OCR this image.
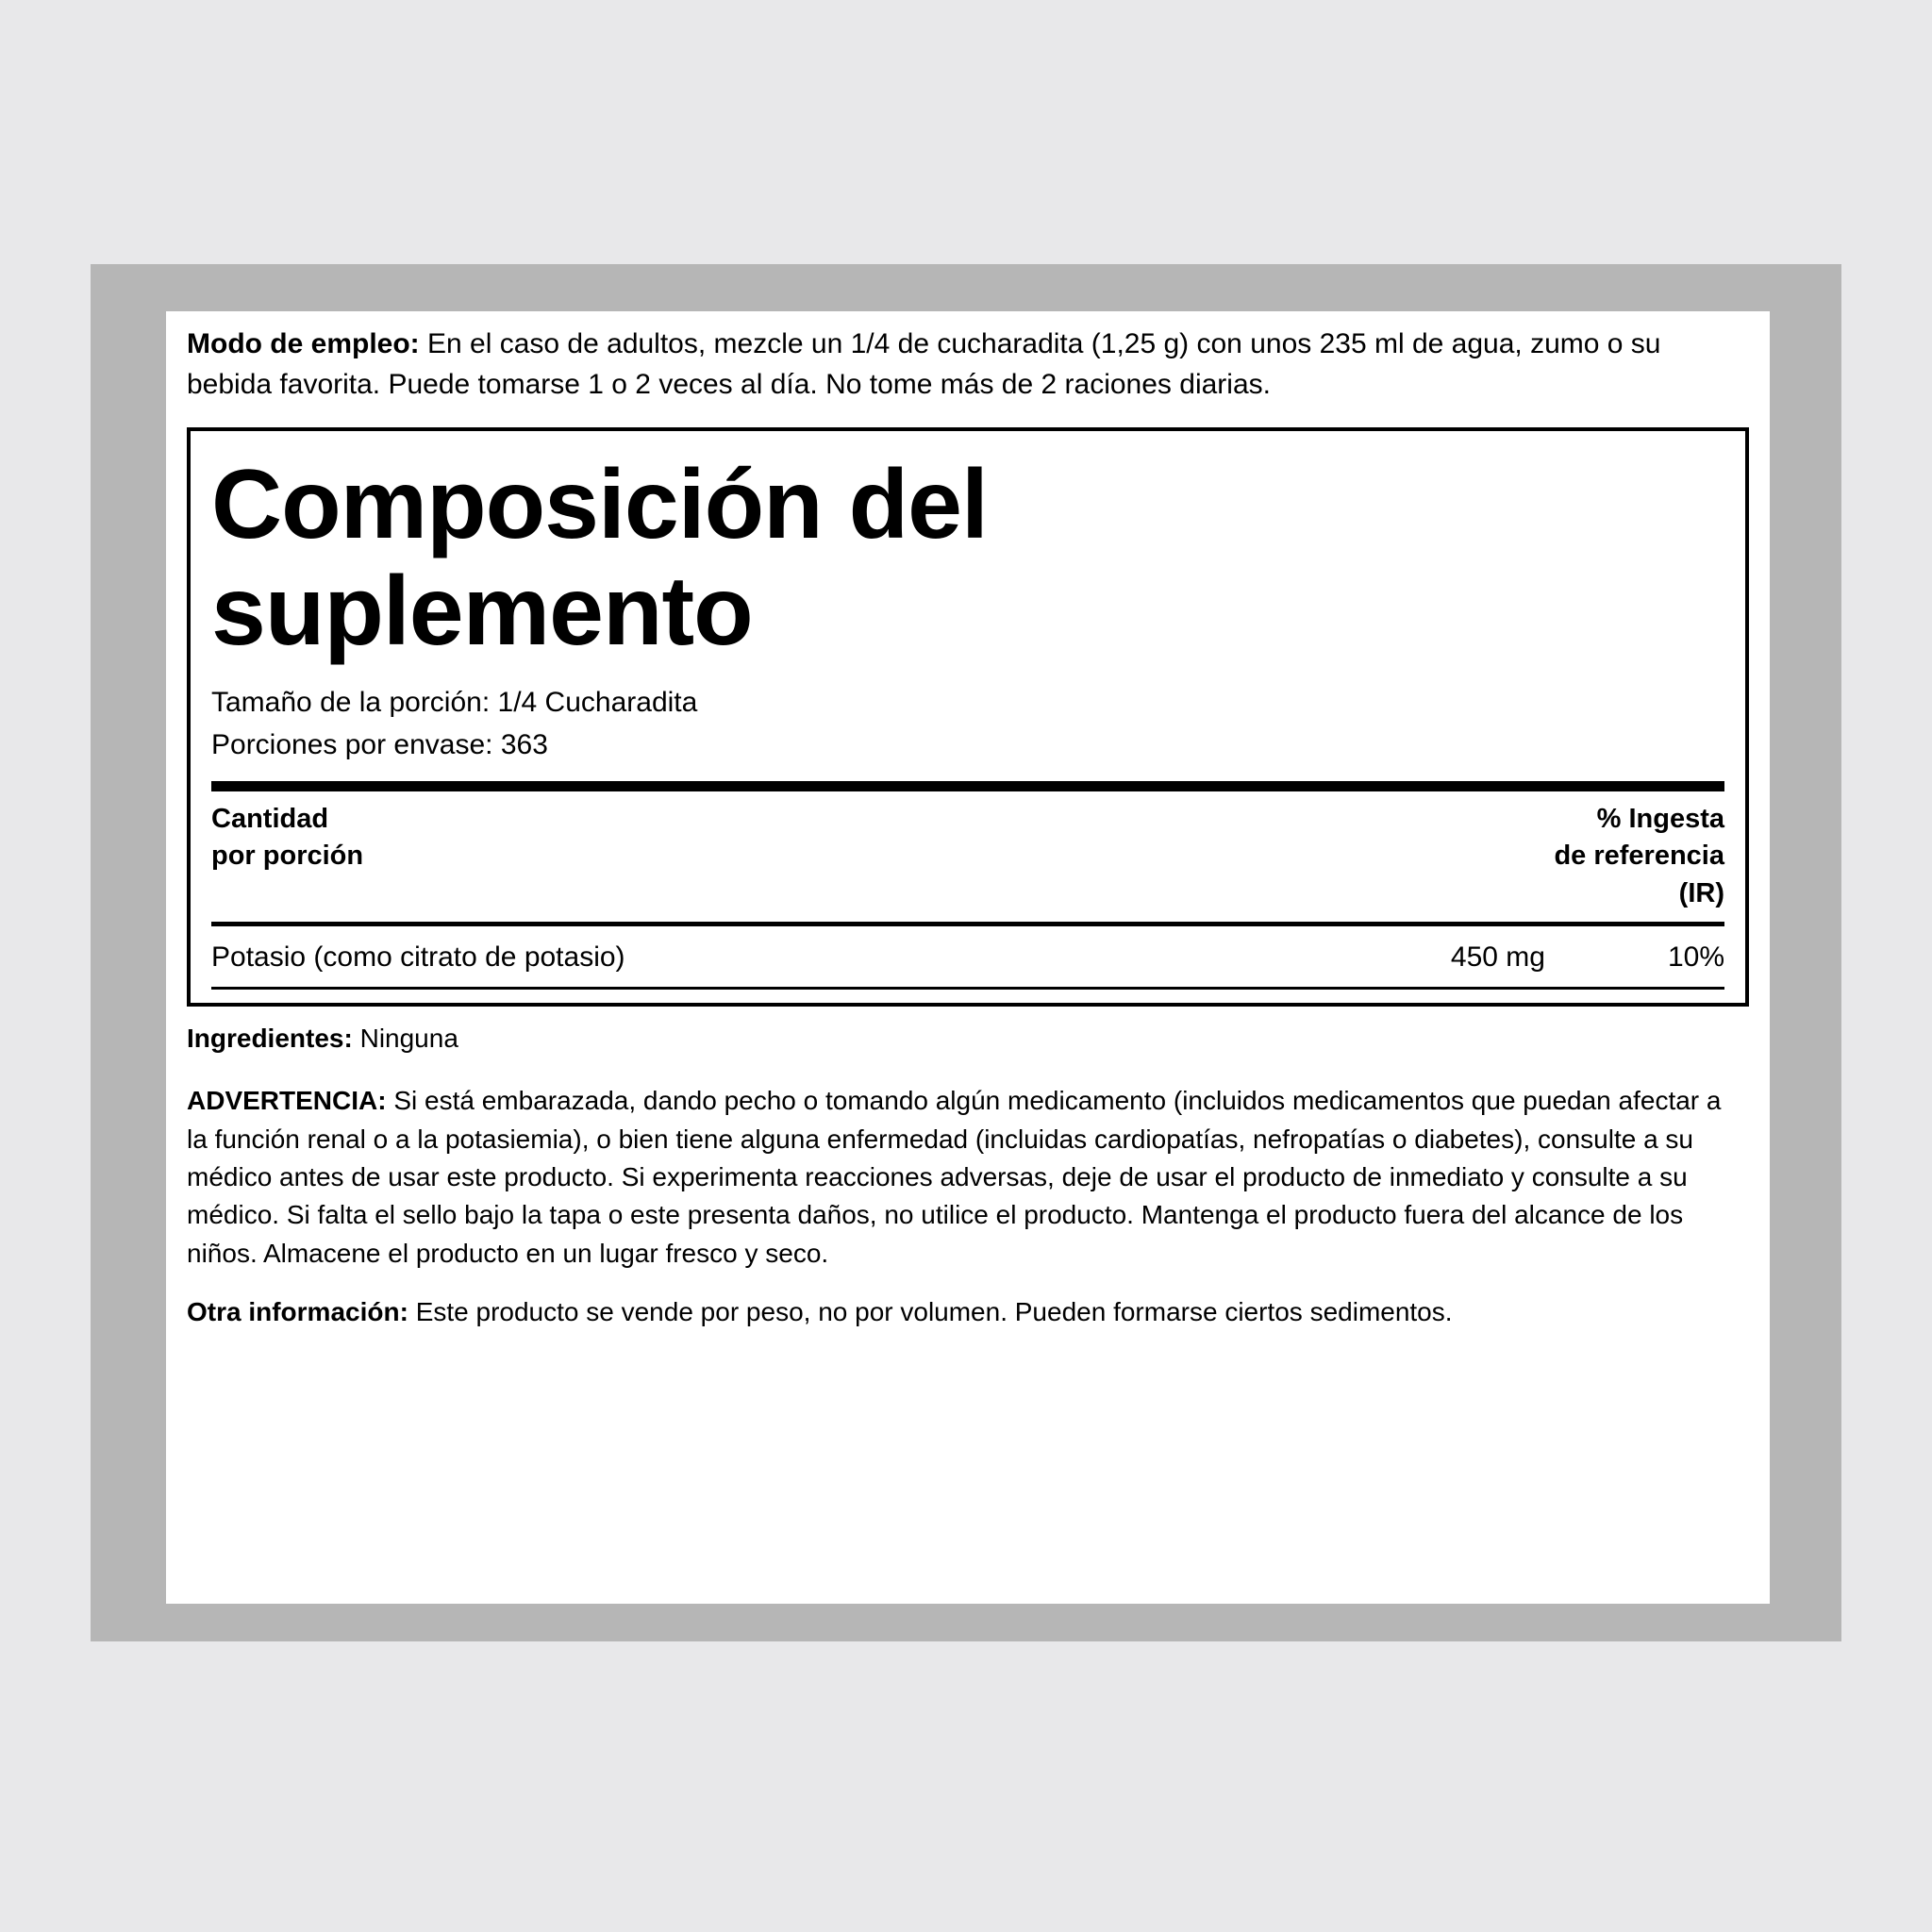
Modo de empleo: En el caso de adultos, mezcle un 1/4 de cucharadita (1,25 g) con unos 235 ml de agua, zumo o su bebida favorita. Puede tomarse 1 o 2 veces al día. No tome más de 2 raciones diarias.
Composición del suplemento
Tamaño de la porción: 1/4 Cucharadita
Porciones por envase: 363
Cantidad
por porción
% Ingesta
de referencia
(IR)
Potasio (como citrato de potasio)	450 mg	10%
Ingredientes: Ninguna
ADVERTENCIA: Si está embarazada, dando pecho o tomando algún medicamento (incluidos medicamentos que puedan afectar a la función renal o a la potasiemia), o bien tiene alguna enfermedad (incluidas cardiopatías, nefropatías o diabetes), consulte a su médico antes de usar este producto. Si experimenta reacciones adversas, deje de usar el producto de inmediato y consulte a su médico. Si falta el sello bajo la tapa o este presenta daños, no utilice el producto. Mantenga el producto fuera del alcance de los niños. Almacene el producto en un lugar fresco y seco.
Otra información: Este producto se vende por peso, no por volumen. Pueden formarse ciertos sedimentos.
